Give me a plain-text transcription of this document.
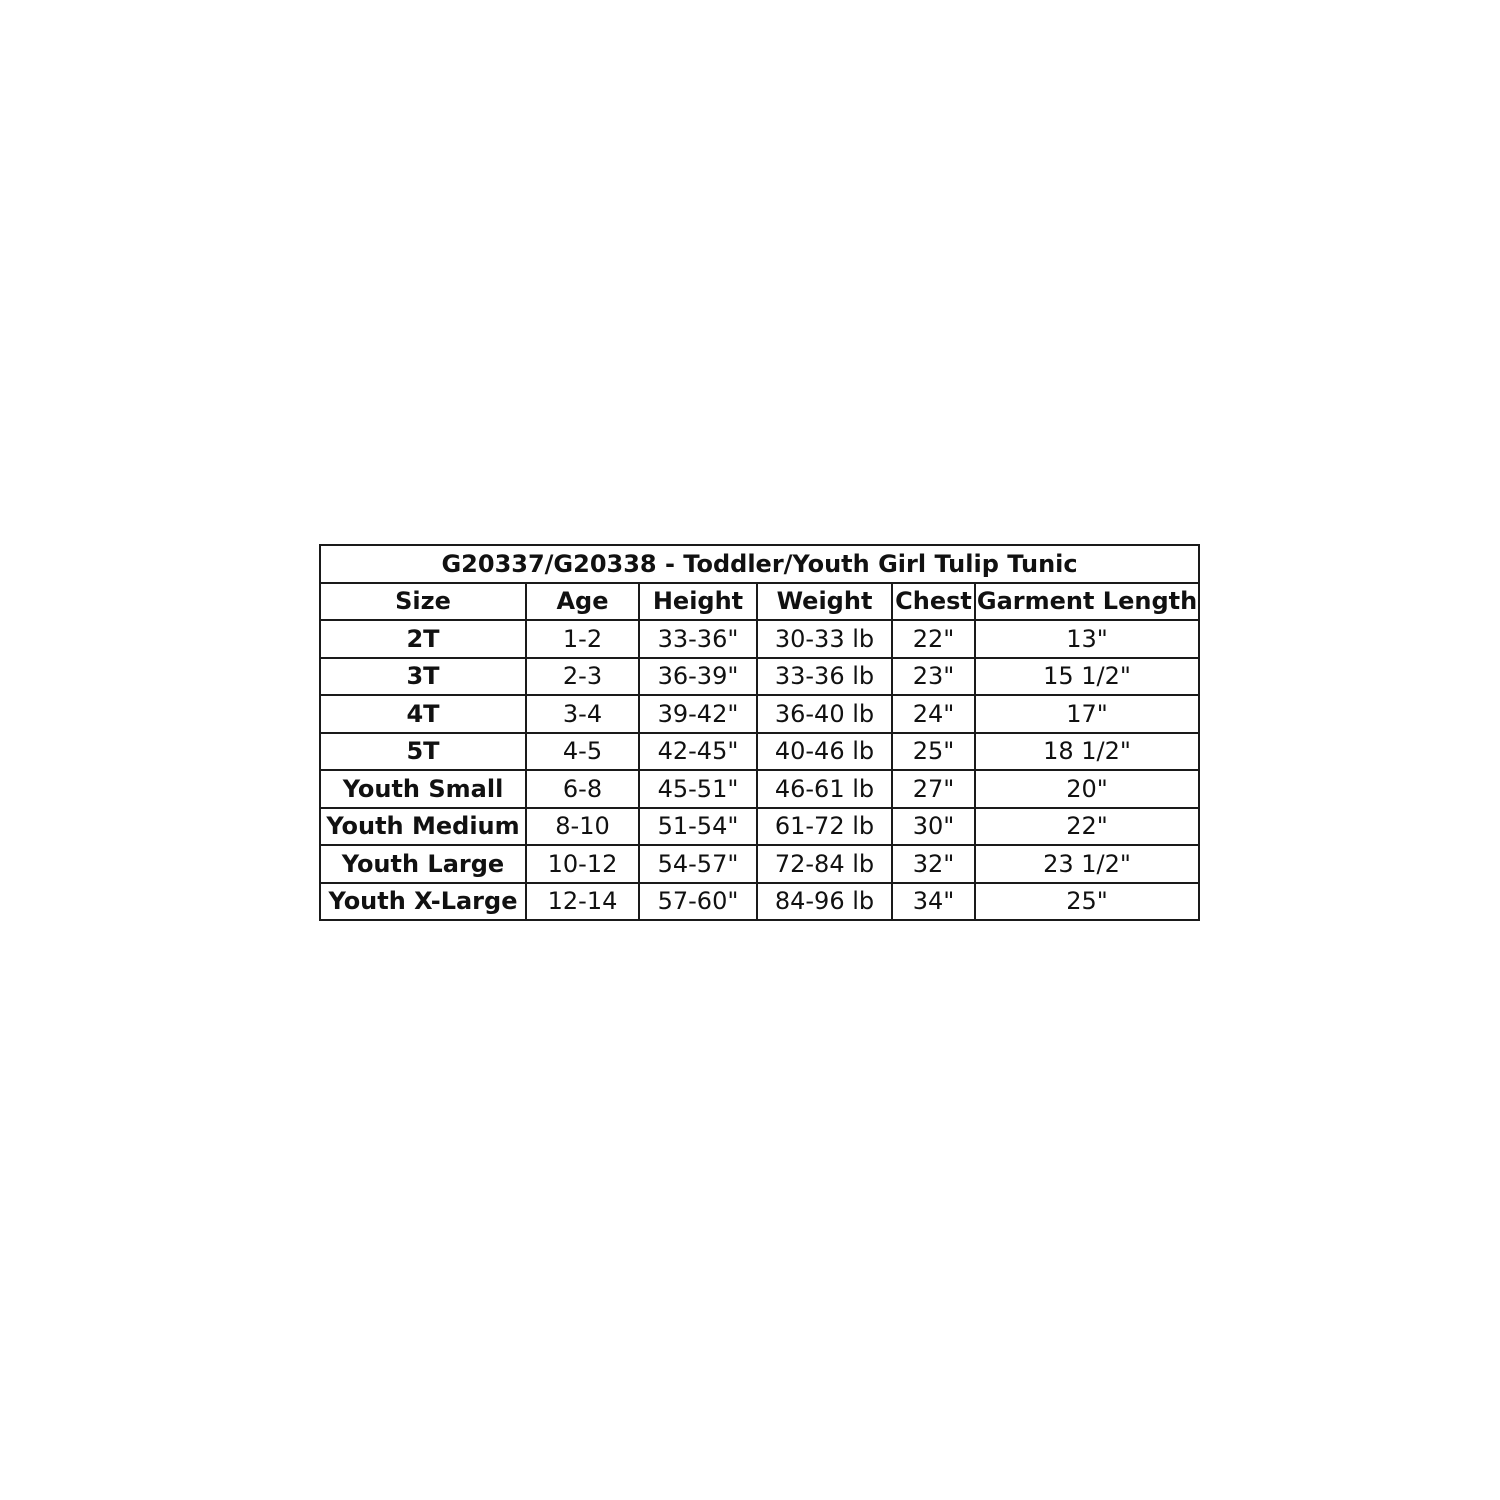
G20337/G20338 - Toddler/Youth Girl Tulip Tunic					
Size	Age	Height	Weight	Chest	Garment Length
2T	1-2	33-36"	30-33 lb	22"	13"
3T	2-3	36-39"	33-36 lb	23"	15 1/2"
4T	3-4	39-42"	36-40 lb	24"	17"
5T	4-5	42-45"	40-46 lb	25"	18 1/2"
Youth Small	6-8	45-51"	46-61 lb	27"	20"
Youth Medium	8-10	51-54"	61-72 lb	30"	22"
Youth Large	10-12	54-57"	72-84 lb	32"	23 1/2"
Youth X-Large	12-14	57-60"	84-96 lb	34"	25"
